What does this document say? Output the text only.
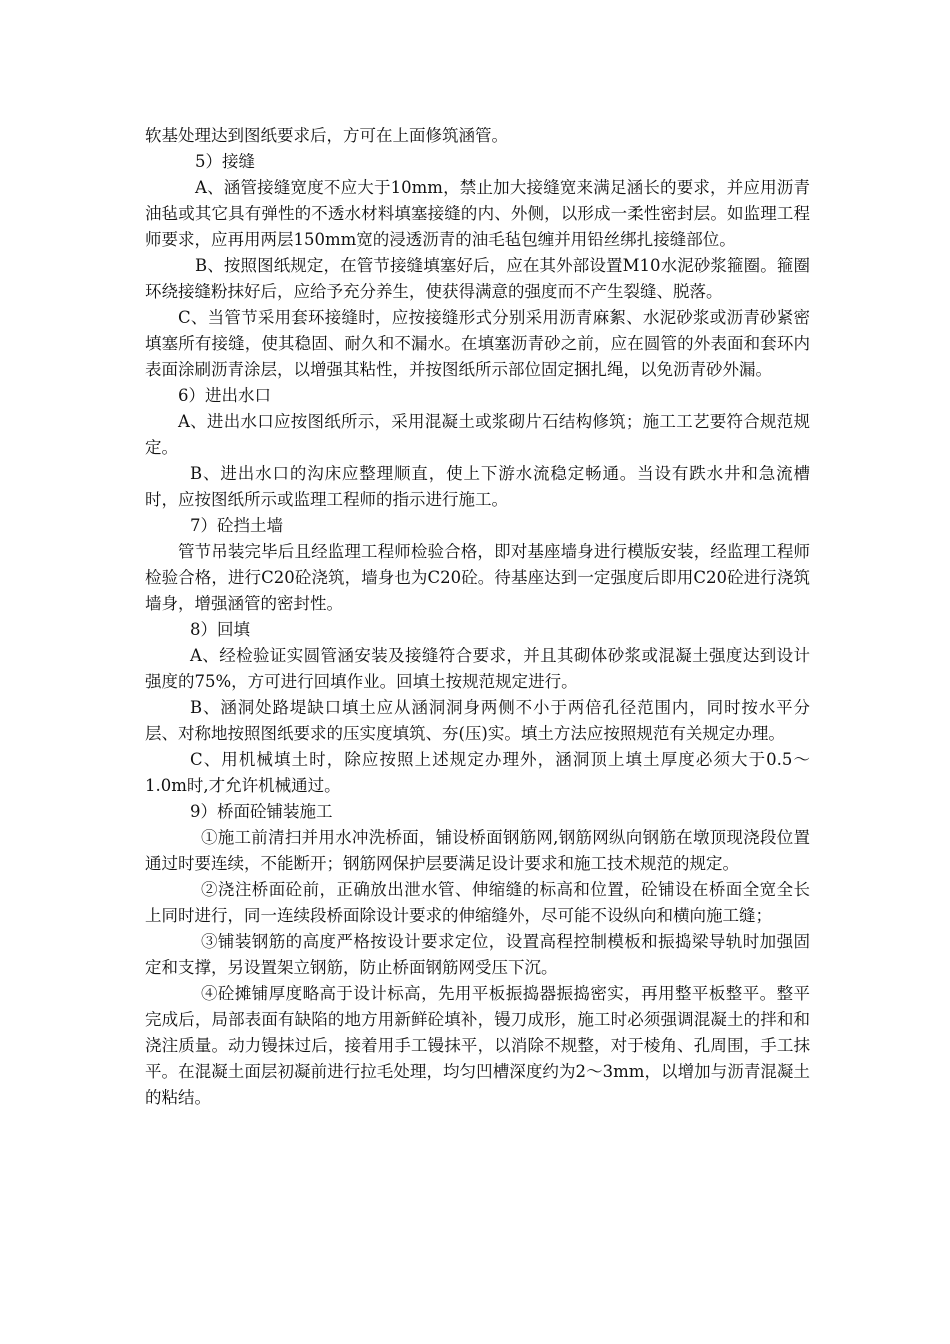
软基处理达到图纸要求后，方可在上面修筑涵管。

5）接缝

A、涵管接缝宽度不应大于10mm，禁止加大接缝宽来满足涵长的要求，并应用沥青油毡或其它具有弹性的不透水材料填塞接缝的内、外侧，以形成一柔性密封层。如监理工程师要求，应再用两层150mm宽的浸透沥青的油毛毡包缠并用铅丝绑扎接缝部位。

B、按照图纸规定，在管节接缝填塞好后，应在其外部设置M10水泥砂浆箍圈。箍圈环绕接缝粉抹好后，应给予充分养生，使获得满意的强度而不产生裂缝、脱落。

C、当管节采用套环接缝时，应按接缝形式分别采用沥青麻絮、水泥砂浆或沥青砂紧密填塞所有接缝，使其稳固、耐久和不漏水。在填塞沥青砂之前，应在圆管的外表面和套环内表面涂刷沥青涂层，以增强其粘性，并按图纸所示部位固定捆扎绳，以免沥青砂外漏。

6）进出水口

A、进出水口应按图纸所示，采用混凝土或浆砌片石结构修筑；施工工艺要符合规范规定。

B、进出水口的沟床应整理顺直，使上下游水流稳定畅通。当设有跌水井和急流槽时，应按图纸所示或监理工程师的指示进行施工。

7）砼挡土墙

管节吊装完毕后且经监理工程师检验合格，即对基座墙身进行模版安装，经监理工程师检验合格，进行C20砼浇筑，墙身也为C20砼。待基座达到一定强度后即用C20砼进行浇筑墙身，增强涵管的密封性。

8）回填

A、经检验证实圆管涵安装及接缝符合要求，并且其砌体砂浆或混凝土强度达到设计强度的75%，方可进行回填作业。回填土按规范规定进行。

B、涵洞处路堤缺口填土应从涵洞洞身两侧不小于两倍孔径范围内，同时按水平分层、对称地按照图纸要求的压实度填筑、夯(压)实。填土方法应按照规范有关规定办理。

C、用机械填土时，除应按照上述规定办理外，涵洞顶上填土厚度必须大于0.5～1.0m时,才允许机械通过。

9）桥面砼铺装施工

①施工前清扫并用水冲洗桥面，铺设桥面钢筋网,钢筋网纵向钢筋在墩顶现浇段位置通过时要连续，不能断开；钢筋网保护层要满足设计要求和施工技术规范的规定。

②浇注桥面砼前，正确放出泄水管、伸缩缝的标高和位置，砼铺设在桥面全宽全长上同时进行，同一连续段桥面除设计要求的伸缩缝外，尽可能不设纵向和横向施工缝；

③铺装钢筋的高度严格按设计要求定位，设置高程控制模板和振捣梁导轨时加强固定和支撑，另设置架立钢筋，防止桥面钢筋网受压下沉。

④砼摊铺厚度略高于设计标高，先用平板振捣器振捣密实，再用整平板整平。整平完成后，局部表面有缺陷的地方用新鲜砼填补，镘刀成形，施工时必须强调混凝土的拌和和浇注质量。动力镘抹过后，接着用手工镘抹平，以消除不规整，对于棱角、孔周围，手工抹平。在混凝土面层初凝前进行拉毛处理，均匀凹槽深度约为2～3mm，以增加与沥青混凝土的粘结。
